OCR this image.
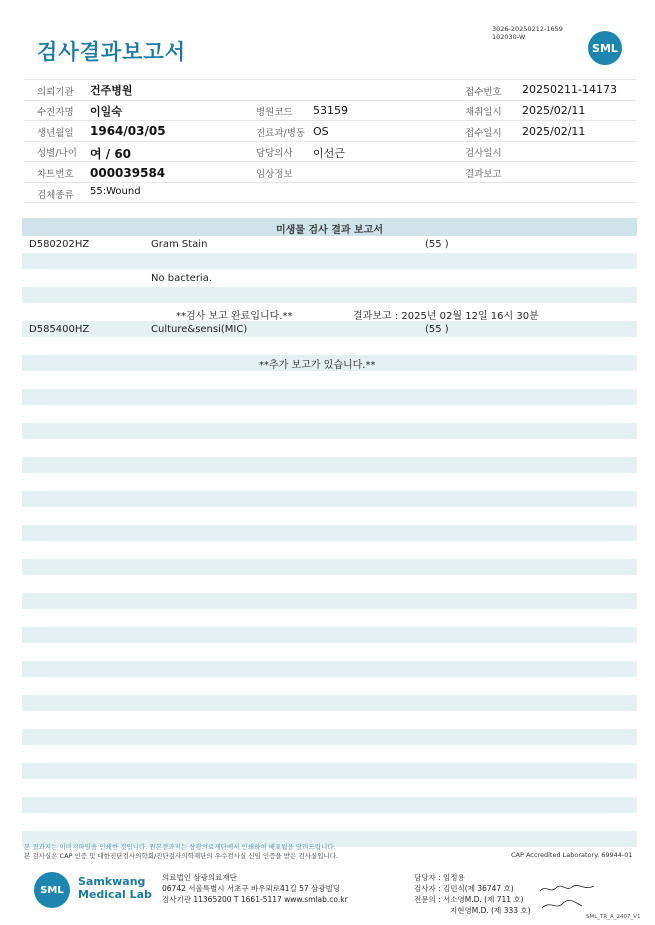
검사결과보고서
3026-20250212-1659
102030-W
SML
의뢰기관 건주병원	접수번호 20250211-14173
수진자명 이일숙	병원코드 53159	채취일시 2025/02/11
생년월일 1964/03/05	진료과/병동 OS	접수일시 2025/02/11
성별/나이 여 / 60	담당의사 이선근	검사일시
차트번호 000039584	임상정보	결과보고
검체종류 55:Wound
미생물 검사 결과 보고서
D580202HZ	Gram Stain	(55 )
No bacteria.
**검사 보고 완료입니다.**	결과보고 : 2025년 02월 12일 16시 30분
D585400HZ	Culture&sensi(MIC)	(55 )
**추가 보고가 있습니다.**
본 결과지는 이미지파일을 인쇄한 것입니다. 원본결과지는 삼광의료재단에서 인쇄하여 배포됨을 알려드립니다.
본 검사실은 CAP 인증 및 대한진단검사의학회/진단검사의학재단의 우수검사실 신임 인증을 받은 검사실입니다.	CAP Accredited Laboratory. 69944-01
SML
Samkwang
Medical Lab
의료법인 삼광의료재단
06742 서울특별시 서초구 바우뫼로41길 57 삼광빌딩
검사기관 11365200 T 1661-5117 www.smlab.co.kr
담당자 : 임정용
검사자 : 김민식(제 36747 호)
전문의 : 서소영M.D. (제 711 호)
지현영M.D. (제 333 호)
SML_TR_A_2407_V1
